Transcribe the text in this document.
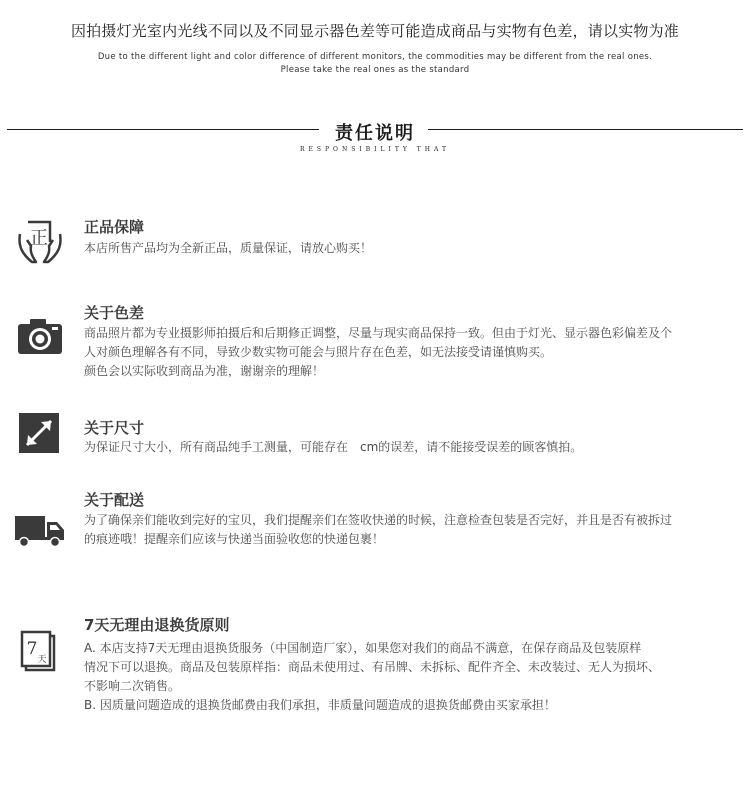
因拍摄灯光室内光线不同以及不同显示器色差等可能造成商品与实物有色差，请以实物为准
Due to the different light and color difference of different monitors, the commodities may be different from the real ones.
Please take the real ones as the standard
责任说明
RESPONSIBILITY THAT
正
正品保障

本店所售产品均为全新正品，质量保证，请放心购买！

关于色差

商品照片都为专业摄影师拍摄后和后期修正调整，尽量与现实商品保持一致。但由于灯光、显示器色彩偏差及个

人对颜色理解各有不同，导致少数实物可能会与照片存在色差，如无法接受请谨慎购买。

颜色会以实际收到商品为准，谢谢亲的理解！

关于尺寸

为保证尺寸大小，所有商品纯手工测量，可能存在　cm的误差，请不能接受误差的顾客慎拍。

关于配送

为了确保亲们能收到完好的宝贝，我们提醒亲们在签收快递的时候，注意检查包装是否完好，并且是否有被拆过

的痕迹哦！提醒亲们应该与快递当面验收您的快递包裹！

7
天
7天无理由退换货原则

A. 本店支持7天无理由退换货服务（中国制造厂家），如果您对我们的商品不满意，在保存商品及包装原样

情况下可以退换。商品及包装原样指：商品未使用过、有吊牌、未拆标、配件齐全、未改装过、无人为损坏、

不影响二次销售。

B. 因质量问题造成的退换货邮费由我们承担，非质量问题造成的退换货邮费由买家承担！
